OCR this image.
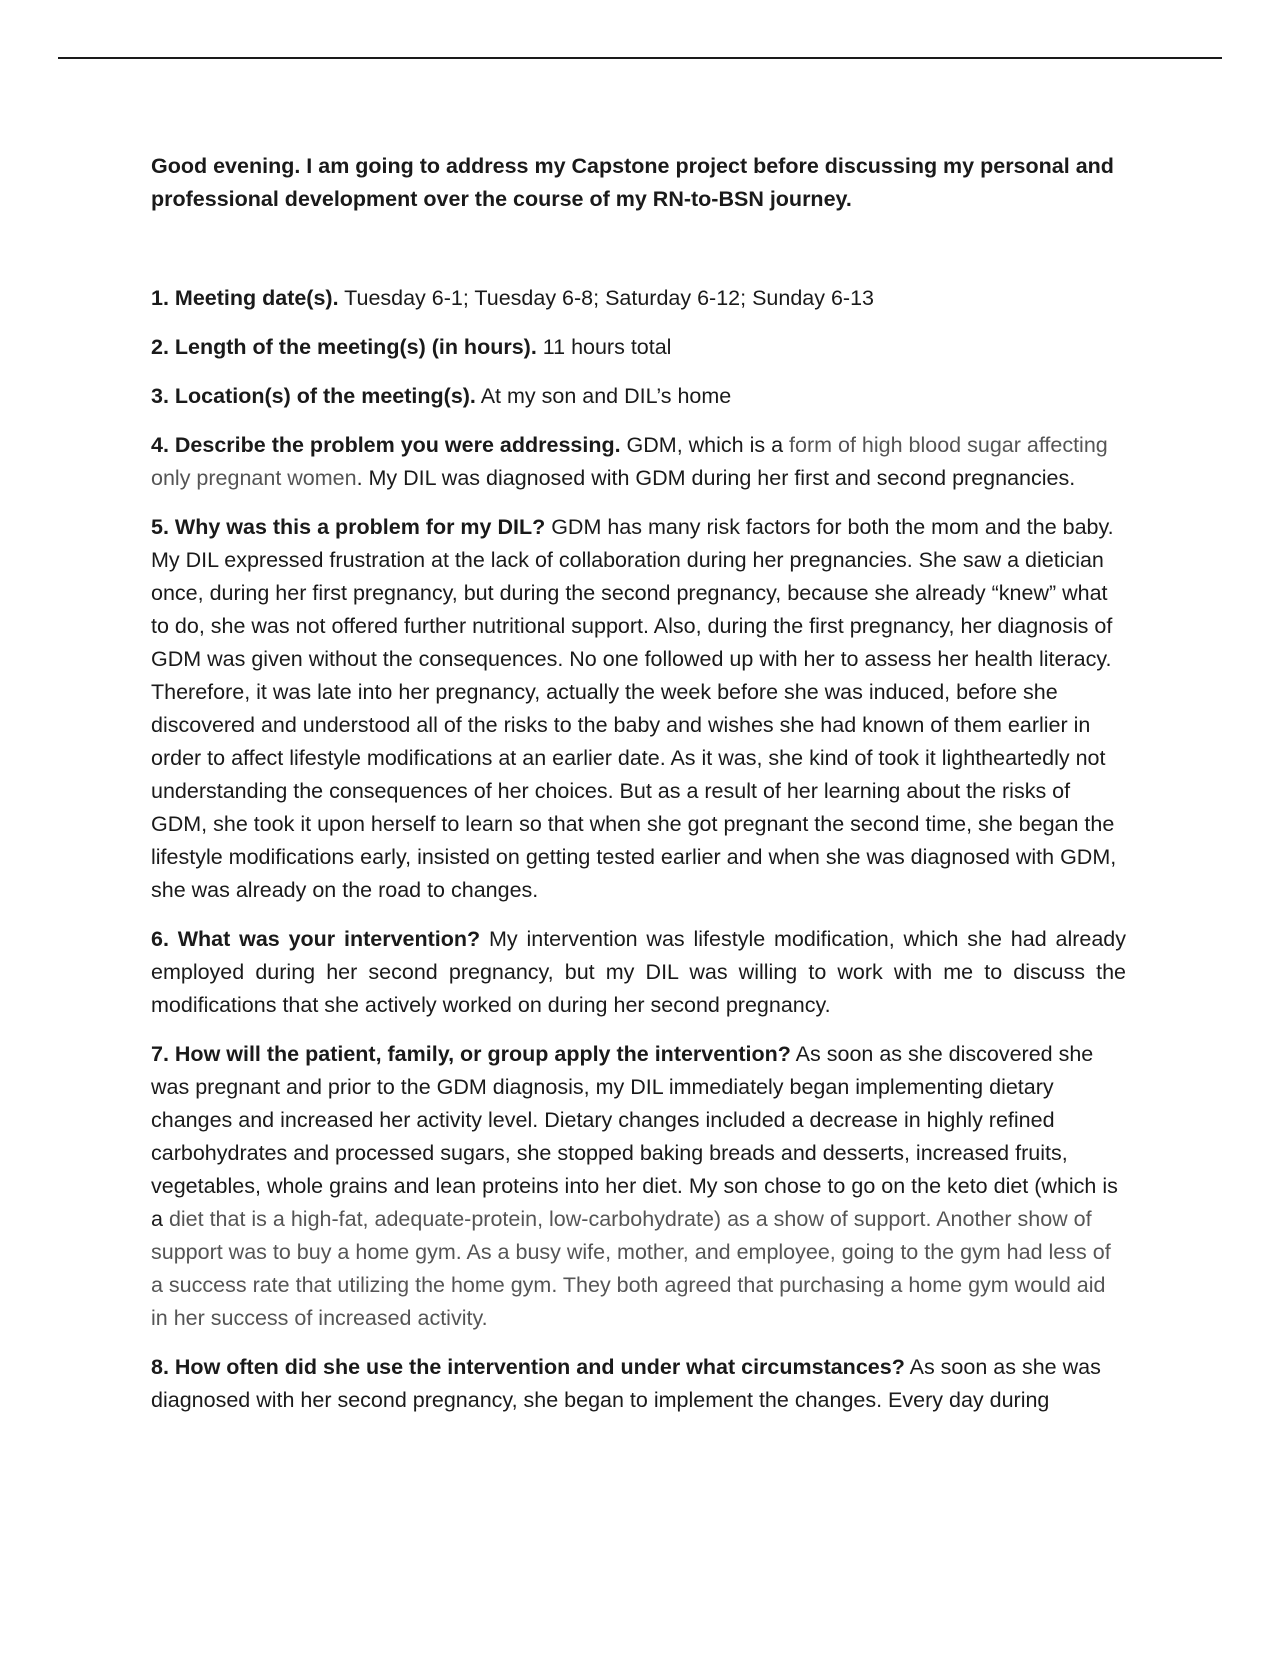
Good evening. I am going to address my Capstone project before discussing my personal and professional development over the course of my RN-to-BSN journey.

1. Meeting date(s). Tuesday 6-1; Tuesday 6-8; Saturday 6-12; Sunday 6-13

2. Length of the meeting(s) (in hours). 11 hours total

3. Location(s) of the meeting(s). At my son and DIL’s home

4. Describe the problem you were addressing. GDM, which is a form of high blood sugar affecting only pregnant women. My DIL was diagnosed with GDM during her first and second pregnancies.

5. Why was this a problem for my DIL? GDM has many risk factors for both the mom and the baby. My DIL expressed frustration at the lack of collaboration during her pregnancies. She saw a dietician once, during her first pregnancy, but during the second pregnancy, because she already “knew” what to do, she was not offered further nutritional support. Also, during the first pregnancy, her diagnosis of GDM was given without the consequences. No one followed up with her to assess her health literacy. Therefore, it was late into her pregnancy, actually the week before she was induced, before she discovered and understood all of the risks to the baby and wishes she had known of them earlier in order to affect lifestyle modifications at an earlier date. As it was, she kind of took it lightheartedly not understanding the consequences of her choices. But as a result of her learning about the risks of GDM, she took it upon herself to learn so that when she got pregnant the second time, she began the lifestyle modifications early, insisted on getting tested earlier and when she was diagnosed with GDM, she was already on the road to changes.

6. What was your intervention? My intervention was lifestyle modification, which she had already employed during her second pregnancy, but my DIL was willing to work with me to discuss the modifications that she actively worked on during her second pregnancy.

7. How will the patient, family, or group apply the intervention? As soon as she discovered she was pregnant and prior to the GDM diagnosis, my DIL immediately began implementing dietary changes and increased her activity level. Dietary changes included a decrease in highly refined carbohydrates and processed sugars, she stopped baking breads and desserts, increased fruits, vegetables, whole grains and lean proteins into her diet. My son chose to go on the keto diet (which is a diet that is a high-fat, adequate-protein, low-carbohydrate) as a show of support. Another show of support was to buy a home gym. As a busy wife, mother, and employee, going to the gym had less of a success rate that utilizing the home gym. They both agreed that purchasing a home gym would aid in her success of increased activity.

8. How often did she use the intervention and under what circumstances? As soon as she was diagnosed with her second pregnancy, she began to implement the changes. Every day during
